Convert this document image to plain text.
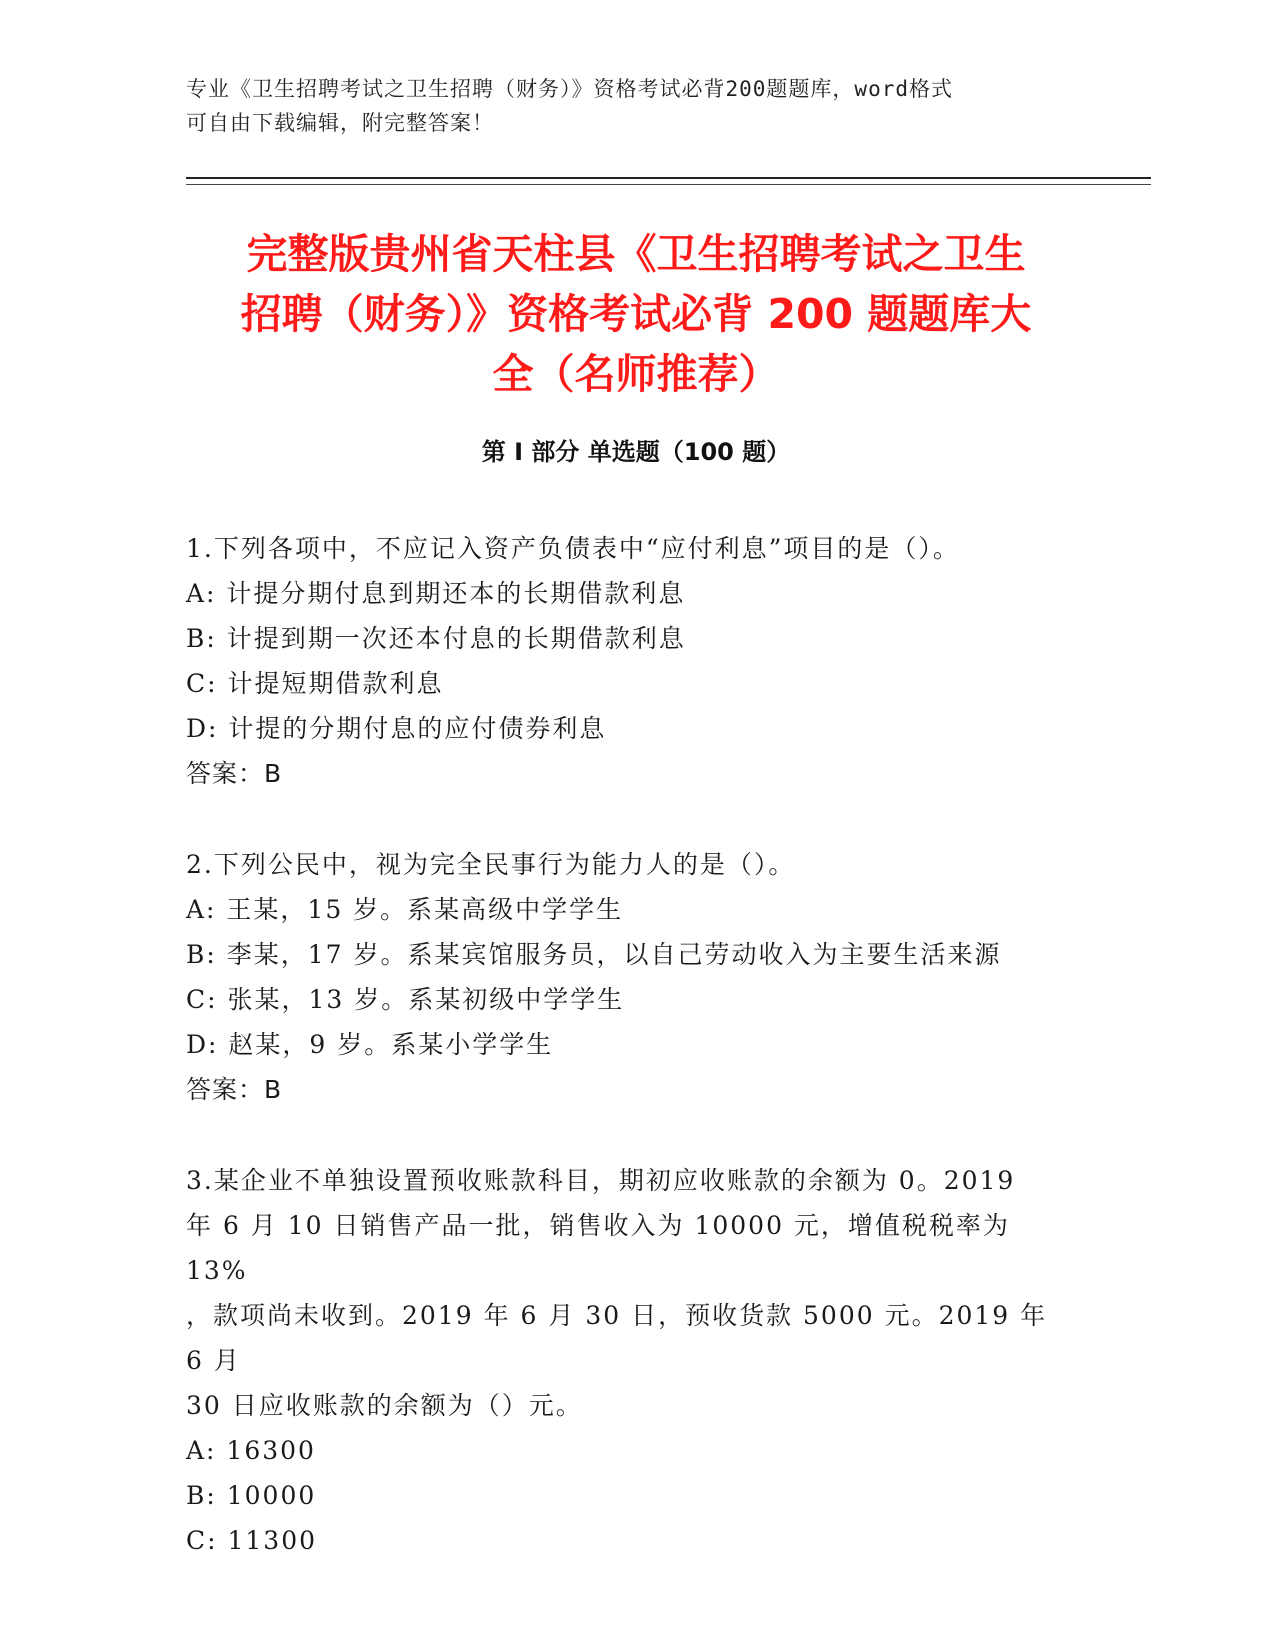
专业《卫生招聘考试之卫生招聘（财务）》资格考试必背200题题库，word格式
可自由下载编辑，附完整答案！
完整版贵州省天柱县《卫生招聘考试之卫生
招聘（财务）》资格考试必背 200 题题库大
全（名师推荐）
第 I 部分 单选题（100 题）
1.下列各项中，不应记入资产负债表中“应付利息”项目的是（）。
A: 计提分期付息到期还本的长期借款利息
B: 计提到期一次还本付息的长期借款利息
C: 计提短期借款利息
D: 计提的分期付息的应付债券利息
答案：B
2.下列公民中，视为完全民事行为能力人的是（）。
A: 王某，15 岁。系某高级中学学生
B: 李某，17 岁。系某宾馆服务员，以自己劳动收入为主要生活来源
C: 张某，13 岁。系某初级中学学生
D: 赵某，9 岁。系某小学学生
答案：B
3.某企业不单独设置预收账款科目，期初应收账款的余额为 0。2019
年 6 月 10 日销售产品一批，销售收入为 10000 元，增值税税率为 13%
，款项尚未收到。2019 年 6 月 30 日，预收货款 5000 元。2019 年 6 月
30 日应收账款的余额为（）元。
A: 16300
B: 10000
C: 11300
